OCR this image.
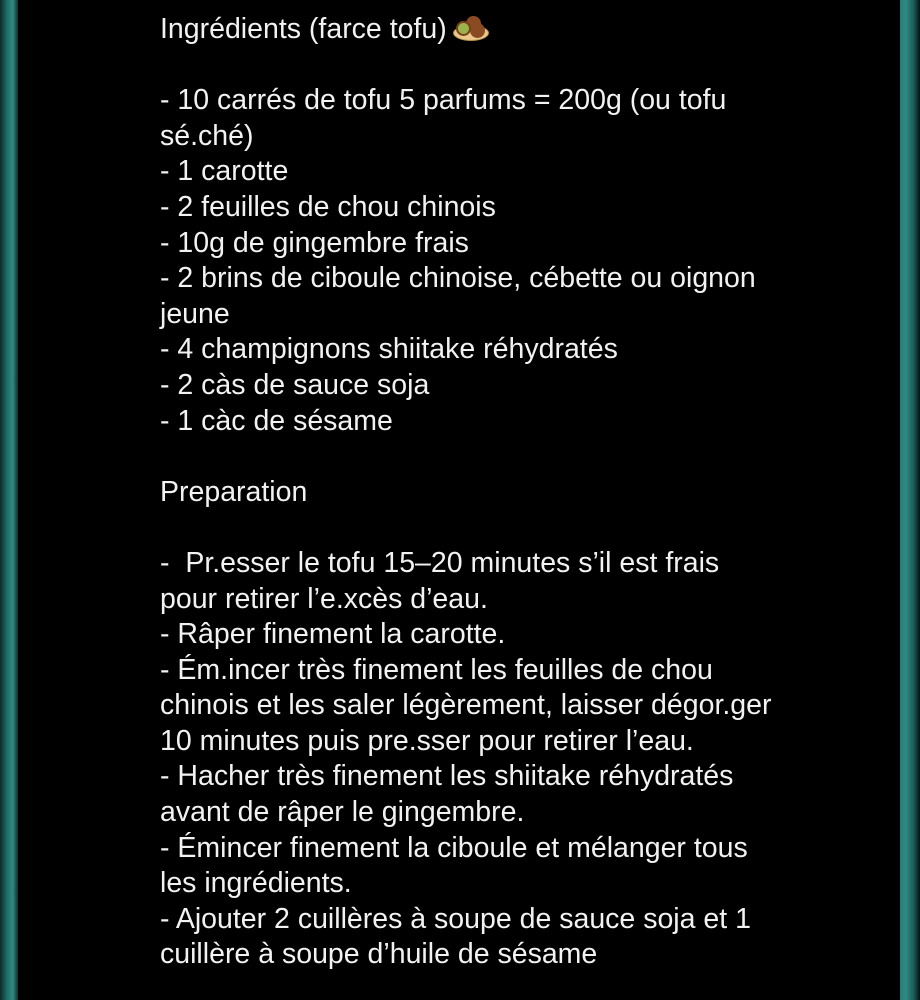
Ingrédients (farce tofu)
- 10 carrés de tofu 5 parfums = 200g (ou tofu
sé.ché)
- 1 carotte
- 2 feuilles de chou chinois
- 10g de gingembre frais
- 2 brins de ciboule chinoise, cébette ou oignon
jeune
- 4 champignons shiitake réhydratés
- 2 càs de sauce soja
- 1 càc de sésame
Preparation
-  Pr.esser le tofu 15–20 minutes s’il est frais
pour retirer l’e.xcès d’eau.
- Râper finement la carotte.
- Ém.incer très finement les feuilles de chou
chinois et les saler légèrement, laisser dégor.ger
10 minutes puis pre.sser pour retirer l’eau.
- Hacher très finement les shiitake réhydratés
avant de râper le gingembre.
- Émincer finement la ciboule et mélanger tous
les ingrédients.
- Ajouter 2 cuillères à soupe de sauce soja et 1
cuillère à soupe d’huile de sésame
